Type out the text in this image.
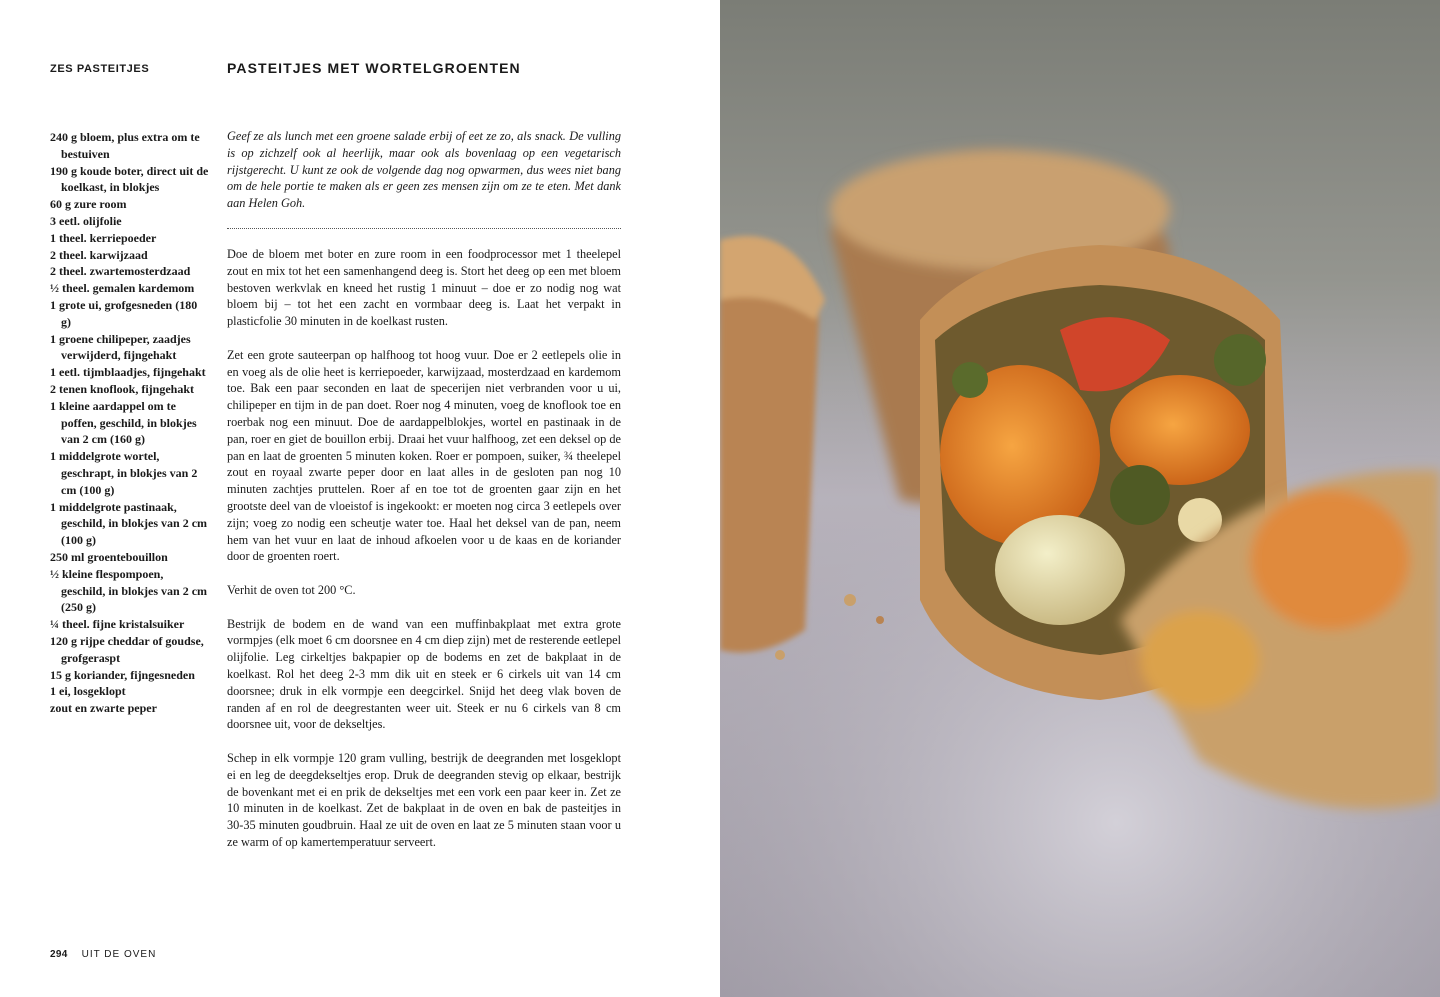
ZES PASTEITJES	PASTEITJES MET WORTELGROENTEN
240 g bloem, plus extra om te bestuiven
190 g koude boter, direct uit de koelkast, in blokjes
60 g zure room
3 eetl. olijfolie
1 theel. kerriepoeder
2 theel. karwijzaad
2 theel. zwartemosterdzaad
½ theel. gemalen kardemom
1 grote ui, grofgesneden (180 g)
1 groene chilipeper, zaadjes verwijderd, fijngehakt
1 eetl. tijmblaadjes, fijngehakt
2 tenen knoflook, fijngehakt
1 kleine aardappel om te poffen, geschild, in blokjes van 2 cm (160 g)
1 middelgrote wortel, geschrapt, in blokjes van 2 cm (100 g)
1 middelgrote pastinaak, geschild, in blokjes van 2 cm (100 g)
250 ml groentebouillon
½ kleine flespompoen, geschild, in blokjes van 2 cm (250 g)
¼ theel. fijne kristalsuiker
120 g rijpe cheddar of goudse, grofgeraspt
15 g koriander, fijngesneden
1 ei, losgeklopt
zout en zwarte peper

Geef ze als lunch met een groene salade erbij of eet ze zo, als snack. De vulling is op zichzelf ook al heerlijk, maar ook als bovenlaag op een vegetarisch rijstgerecht. U kunt ze ook de volgende dag nog opwarmen, dus wees niet bang om de hele portie te maken als er geen zes mensen zijn om ze te eten. Met dank aan Helen Goh.

Doe de bloem met boter en zure room in een foodprocessor met 1 theelepel zout en mix tot het een samenhangend deeg is. Stort het deeg op een met bloem bestoven werkvlak en kneed het rustig 1 minuut – doe er zo nodig nog wat bloem bij – tot het een zacht en vormbaar deeg is. Laat het verpakt in plasticfolie 30 minuten in de koelkast rusten.

Zet een grote sauteerpan op halfhoog tot hoog vuur. Doe er 2 eetlepels olie in en voeg als de olie heet is kerriepoeder, karwijzaad, mosterdzaad en kardemom toe. Bak een paar seconden en laat de specerijen niet verbranden voor u ui, chilipeper en tijm in de pan doet. Roer nog 4 minuten, voeg de knoflook toe en roerbak nog een minuut. Doe de aardappelblokjes, wortel en pastinaak in de pan, roer en giet de bouillon erbij. Draai het vuur halfhoog, zet een deksel op de pan en laat de groenten 5 minuten koken. Roer er pompoen, suiker, ¾ theelepel zout en royaal zwarte peper door en laat alles in de gesloten pan nog 10 minuten zachtjes pruttelen. Roer af en toe tot de groenten gaar zijn en het grootste deel van de vloeistof is ingekookt: er moeten nog circa 3 eetlepels over zijn; voeg zo nodig een scheutje water toe. Haal het deksel van de pan, neem hem van het vuur en laat de inhoud afkoelen voor u de kaas en de koriander door de groenten roert.

Verhit de oven tot 200 °C.

Bestrijk de bodem en de wand van een muffinbakplaat met extra grote vormpjes (elk moet 6 cm doorsnee en 4 cm diep zijn) met de resterende eetlepel olijfolie. Leg cirkeltjes bakpapier op de bodems en zet de bakplaat in de koelkast. Rol het deeg 2-3 mm dik uit en steek er 6 cirkels uit van 14 cm doorsnee; druk in elk vormpje een deegcirkel. Snijd het deeg vlak boven de randen af en rol de deegrestanten weer uit. Steek er nu 6 cirkels van 8 cm doorsnee uit, voor de dekseltjes.

Schep in elk vormpje 120 gram vulling, bestrijk de deegranden met losgeklopt ei en leg de deegdekseltjes erop. Druk de deegranden stevig op elkaar, bestrijk de bovenkant met ei en prik de dekseltjes met een vork een paar keer in. Zet ze 10 minuten in de koelkast. Zet de bakplaat in de oven en bak de pasteitjes in 30-35 minuten goudbruin. Haal ze uit de oven en laat ze 5 minuten staan voor u ze warm of op kamertemperatuur serveert.

294 UIT DE OVEN
